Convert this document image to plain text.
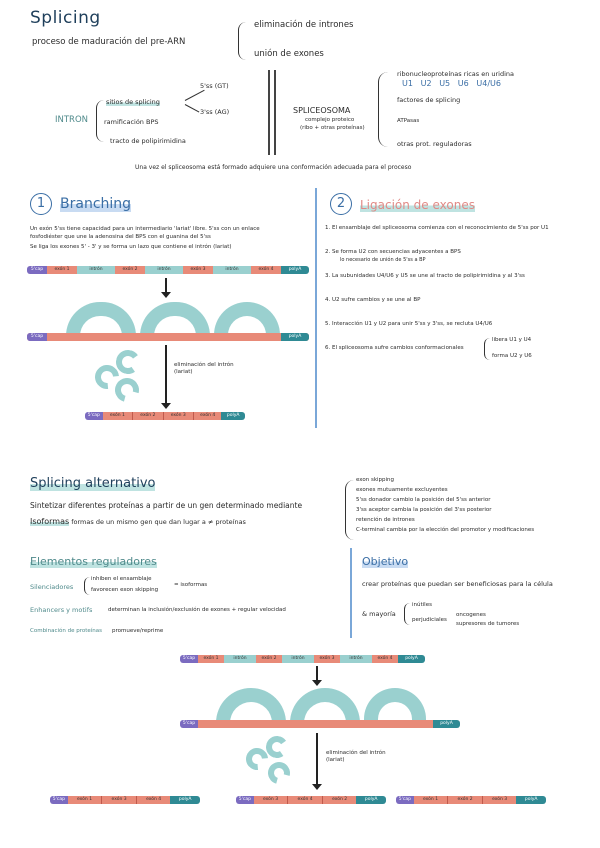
Splicing
proceso de maduración del pre-ARN
eliminación de intrones
unión de exones
INTRON
sitios de splicing
ramificación BPS
tracto de polipirimidina
5'ss (GT)
3'ss (AG)	SPLICEOSOMA
complejo proteico
(ribo + otras proteínas)
ribonucleoproteínas ricas en uridina
U1 U2 U5 U6 U4/U6
factores de splicing
ATPasas
otras prot. reguladoras
Una vez el spliceosoma está formado adquiere una conformación adecuada para el proceso
1	Branching
Un exón 5'ss tiene capacidad para un intermediario 'lariat' libre. 5'ss con un enlace
fosfodiéster que une la adenosina del BPS con el guanina del 5'ss
Se liga los exones 5' - 3' y se forma un lazo que contiene el intrón (lariat)
5'cap	exón 1	intrón	exón 2	intrón	exón 3	intrón	exón 4	polyA
5'cap	polyA
eliminación del intrón (lariat)
5'cap	exón 1	exón 2	exón 3	exón 4	polyA
2	Ligación de exones
1. El ensamblaje del spliceosoma comienza con el reconocimiento de 5'ss por U1
2. Se forma U2 con secuencias adyacentes a BPS
lo necesario de unión de 5'ss a BP
3. La subunidades U4/U6 y U5 se une al tracto de polipirimidina y al 3'ss
4. U2 sufre cambios y se une al BP
5. Interacción U1 y U2 para unir 5'ss y 3'ss, se recluta U4/U6
6. El spliceosoma sufre cambios conformacionales
libera U1 y U4
forma U2 y U6
Splicing alternativo
Sintetizar diferentes proteínas a partir de un gen determinado mediante
Isoformas formas de un mismo gen que dan lugar a ≠ proteínas
exon skipping
exones mutuamente excluyentes
5'ss donador cambio la posición del 5'ss anterior
3'ss aceptor cambia la posición del 3'ss posterior
retención de intrones
C-terminal cambia por la elección del promotor y modificaciones
Elementos reguladores
Silenciadores
inhiben el ensamblaje
favorecen exon skipping
= isoformas
Enhancers y motifs	determinan la inclusión/exclusión de exones + regular velocidad
Combinación de proteínas promueve/reprime
Objetivo
crear proteínas que puedan ser beneficiosas para la célula
& mayoría
inútiles
perjudiciales
oncogenes
supresores de tumores
5'cap	exón 1	intrón	exón 2	intrón	exón 3	intrón	exón 4	polyA
5'cap	polyA
eliminación del intrón (lariat)
5'cap	exón 1	exón 3	exón 4	polyA	5'cap	exón 3	exón 4	exón 2	polyA	5'cap	exón 1	exón 2	exón 3	polyA
